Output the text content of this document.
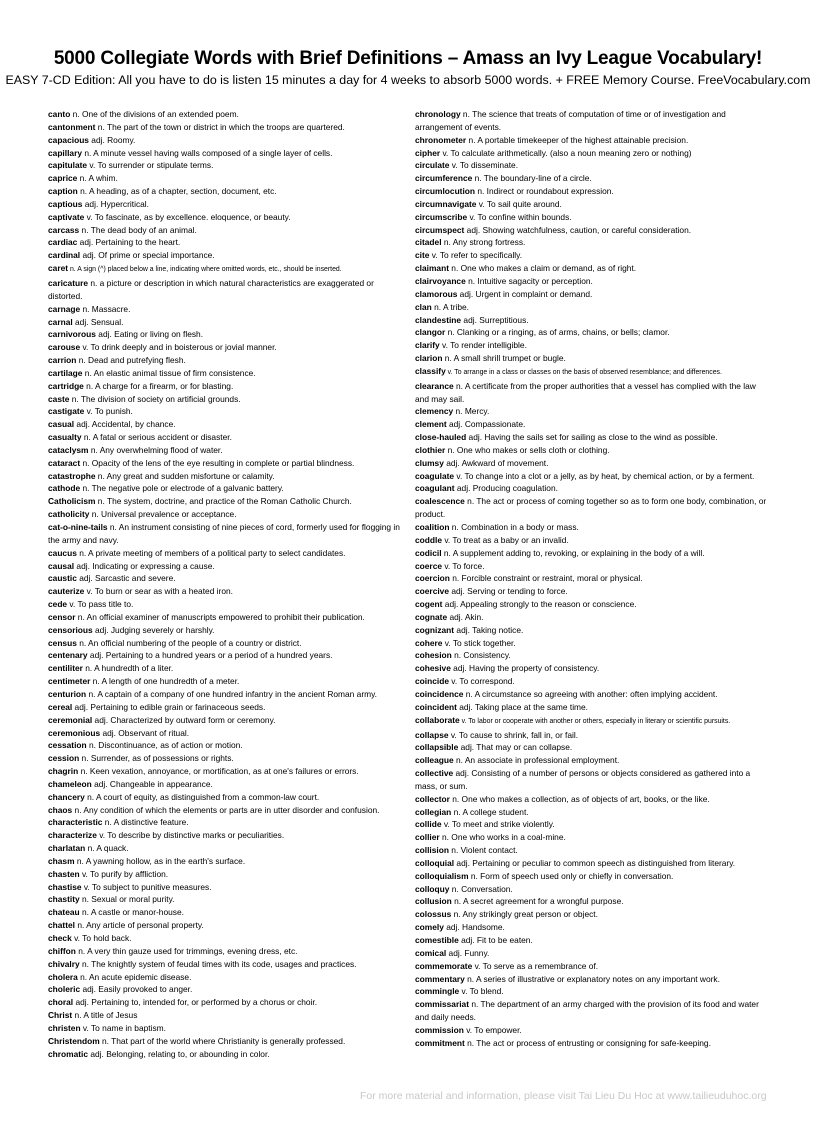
5000 Collegiate Words with Brief Definitions – Amass an Ivy League Vocabulary!
EASY 7-CD Edition: All you have to do is listen 15 minutes a day for 4 weeks to absorb 5000 words. + FREE Memory Course. FreeVocabulary.com
canto n. One of the divisions of an extended poem.
cantonment n. The part of the town or district in which the troops are quartered.
capacious adj. Roomy.
capillary n. A minute vessel having walls composed of a single layer of cells.
capitulate v. To surrender or stipulate terms.
caprice n. A whim.
caption n. A heading, as of a chapter, section, document, etc.
captious adj. Hypercritical.
captivate v. To fascinate, as by excellence. eloquence, or beauty.
carcass n. The dead body of an animal.
cardiac adj. Pertaining to the heart.
cardinal adj. Of prime or special importance.
caret n. A sign (^) placed below a line, indicating where omitted words, etc., should be inserted.
caricature n. a picture or description in which natural characteristics are exaggerated or distorted.
carnage n. Massacre.
carnal adj. Sensual.
carnivorous adj. Eating or living on flesh.
carouse v. To drink deeply and in boisterous or jovial manner.
carrion n. Dead and putrefying flesh.
cartilage n. An elastic animal tissue of firm consistence.
cartridge n. A charge for a firearm, or for blasting.
caste n. The division of society on artificial grounds.
castigate v. To punish.
casual adj. Accidental, by chance.
casualty n. A fatal or serious accident or disaster.
cataclysm n. Any overwhelming flood of water.
cataract n. Opacity of the lens of the eye resulting in complete or partial blindness.
catastrophe n. Any great and sudden misfortune or calamity.
cathode n. The negative pole or electrode of a galvanic battery.
Catholicism n. The system, doctrine, and practice of the Roman Catholic Church.
catholicity n. Universal prevalence or acceptance.
cat-o-nine-tails n. An instrument consisting of nine pieces of cord, formerly used for flogging in the army and navy.
caucus n. A private meeting of members of a political party to select candidates.
causal adj. Indicating or expressing a cause.
caustic adj. Sarcastic and severe.
cauterize v. To burn or sear as with a heated iron.
cede v. To pass title to.
censor n. An official examiner of manuscripts empowered to prohibit their publication.
censorious adj. Judging severely or harshly.
census n. An official numbering of the people of a country or district.
centenary adj. Pertaining to a hundred years or a period of a hundred years.
centiliter n. A hundredth of a liter.
centimeter n. A length of one hundredth of a meter.
centurion n. A captain of a company of one hundred infantry in the ancient Roman army.
cereal adj. Pertaining to edible grain or farinaceous seeds.
ceremonial adj. Characterized by outward form or ceremony.
ceremonious adj. Observant of ritual.
cessation n. Discontinuance, as of action or motion.
cession n. Surrender, as of possessions or rights.
chagrin n. Keen vexation, annoyance, or mortification, as at one's failures or errors.
chameleon adj. Changeable in appearance.
chancery n. A court of equity, as distinguished from a common-law court.
chaos n. Any condition of which the elements or parts are in utter disorder and confusion.
characteristic n. A distinctive feature.
characterize v. To describe by distinctive marks or peculiarities.
charlatan n. A quack.
chasm n. A yawning hollow, as in the earth's surface.
chasten v. To purify by affliction.
chastise v. To subject to punitive measures.
chastity n. Sexual or moral purity.
chateau n. A castle or manor-house.
chattel n. Any article of personal property.
check v. To hold back.
chiffon n. A very thin gauze used for trimmings, evening dress, etc.
chivalry n. The knightly system of feudal times with its code, usages and practices.
cholera n. An acute epidemic disease.
choleric adj. Easily provoked to anger.
choral adj. Pertaining to, intended for, or performed by a chorus or choir.
Christ n. A title of Jesus
christen v. To name in baptism.
Christendom n. That part of the world where Christianity is generally professed.
chromatic adj. Belonging, relating to, or abounding in color.
chronology n. The science that treats of computation of time or of investigation and arrangement of events.
chronometer n. A portable timekeeper of the highest attainable precision.
cipher v. To calculate arithmetically. (also a noun meaning zero or nothing)
circulate v. To disseminate.
circumference n. The boundary-line of a circle.
circumlocution n. Indirect or roundabout expression.
circumnavigate v. To sail quite around.
circumscribe v. To confine within bounds.
circumspect adj. Showing watchfulness, caution, or careful consideration.
citadel n. Any strong fortress.
cite v. To refer to specifically.
claimant n. One who makes a claim or demand, as of right.
clairvoyance n. Intuitive sagacity or perception.
clamorous adj. Urgent in complaint or demand.
clan n. A tribe.
clandestine adj. Surreptitious.
clangor n. Clanking or a ringing, as of arms, chains, or bells; clamor.
clarify v. To render intelligible.
clarion n. A small shrill trumpet or bugle.
classify v. To arrange in a class or classes on the basis of observed resemblance; and differences.
clearance n. A certificate from the proper authorities that a vessel has complied with the law and may sail.
clemency n. Mercy.
clement adj. Compassionate.
close-hauled adj. Having the sails set for sailing as close to the wind as possible.
clothier n. One who makes or sells cloth or clothing.
clumsy adj. Awkward of movement.
coagulate v. To change into a clot or a jelly, as by heat, by chemical action, or by a ferment.
coagulant adj. Producing coagulation.
coalescence n. The act or process of coming together so as to form one body, combination, or product.
coalition n. Combination in a body or mass.
coddle v. To treat as a baby or an invalid.
codicil n. A supplement adding to, revoking, or explaining in the body of a will.
coerce v. To force.
coercion n. Forcible constraint or restraint, moral or physical.
coercive adj. Serving or tending to force.
cogent adj. Appealing strongly to the reason or conscience.
cognate adj. Akin.
cognizant adj. Taking notice.
cohere v. To stick together.
cohesion n. Consistency.
cohesive adj. Having the property of consistency.
coincide v. To correspond.
coincidence n. A circumstance so agreeing with another: often implying accident.
coincident adj. Taking place at the same time.
collaborate v. To labor or cooperate with another or others, especially in literary or scientific pursuits.
collapse v. To cause to shrink, fall in, or fail.
collapsible adj. That may or can collapse.
colleague n. An associate in professional employment.
collective adj. Consisting of a number of persons or objects considered as gathered into a mass, or sum.
collector n. One who makes a collection, as of objects of art, books, or the like.
collegian n. A college student.
collide v. To meet and strike violently.
collier n. One who works in a coal-mine.
collision n. Violent contact.
colloquial adj. Pertaining or peculiar to common speech as distinguished from literary.
colloquialism n. Form of speech used only or chiefly in conversation.
colloquy n. Conversation.
collusion n. A secret agreement for a wrongful purpose.
colossus n. Any strikingly great person or object.
comely adj. Handsome.
comestible adj. Fit to be eaten.
comical adj. Funny.
commemorate v. To serve as a remembrance of.
commentary n. A series of illustrative or explanatory notes on any important work.
commingle v. To blend.
commissariat n. The department of an army charged with the provision of its food and water and daily needs.
commission v. To empower.
commitment n. The act or process of entrusting or consigning for safe-keeping.
For more material and information, please visit Tai Lieu Du Hoc at www.tailieuduhoc.org
